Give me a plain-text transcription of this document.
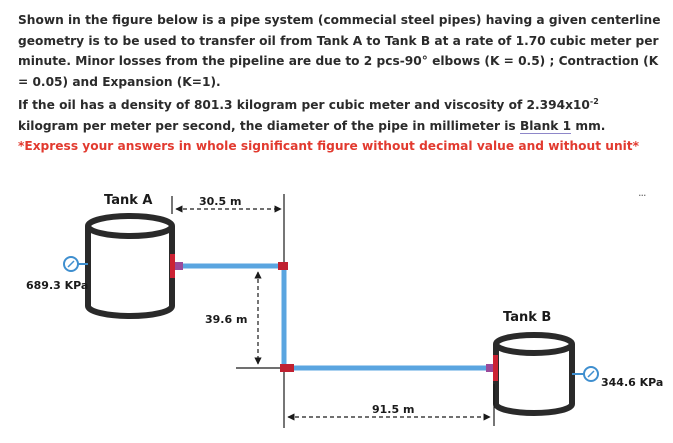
Shown in the figure below is a pipe system (commecial steel pipes) having a given centerline geometry is to be used to transfer oil from Tank A to Tank B at a rate of 1.70 cubic meter per minute. Minor losses from the pipeline are due to 2 pcs-90° elbows (K = 0.5) ; Contraction (K = 0.05) and Expansion (K=1).

If the oil has a density of 801.3 kilogram per cubic meter and viscosity of $2.394x10^{-2}$ kilogram per meter per second, the diameter of the pipe in millimeter is Blank 1 mm.

*Express your answers in whole significant figure without decimal value and without unit*

...
Tank A
689.3 KPa
Tank B
344.6 KPa
30.5 m
39.6 m
91.5 m
